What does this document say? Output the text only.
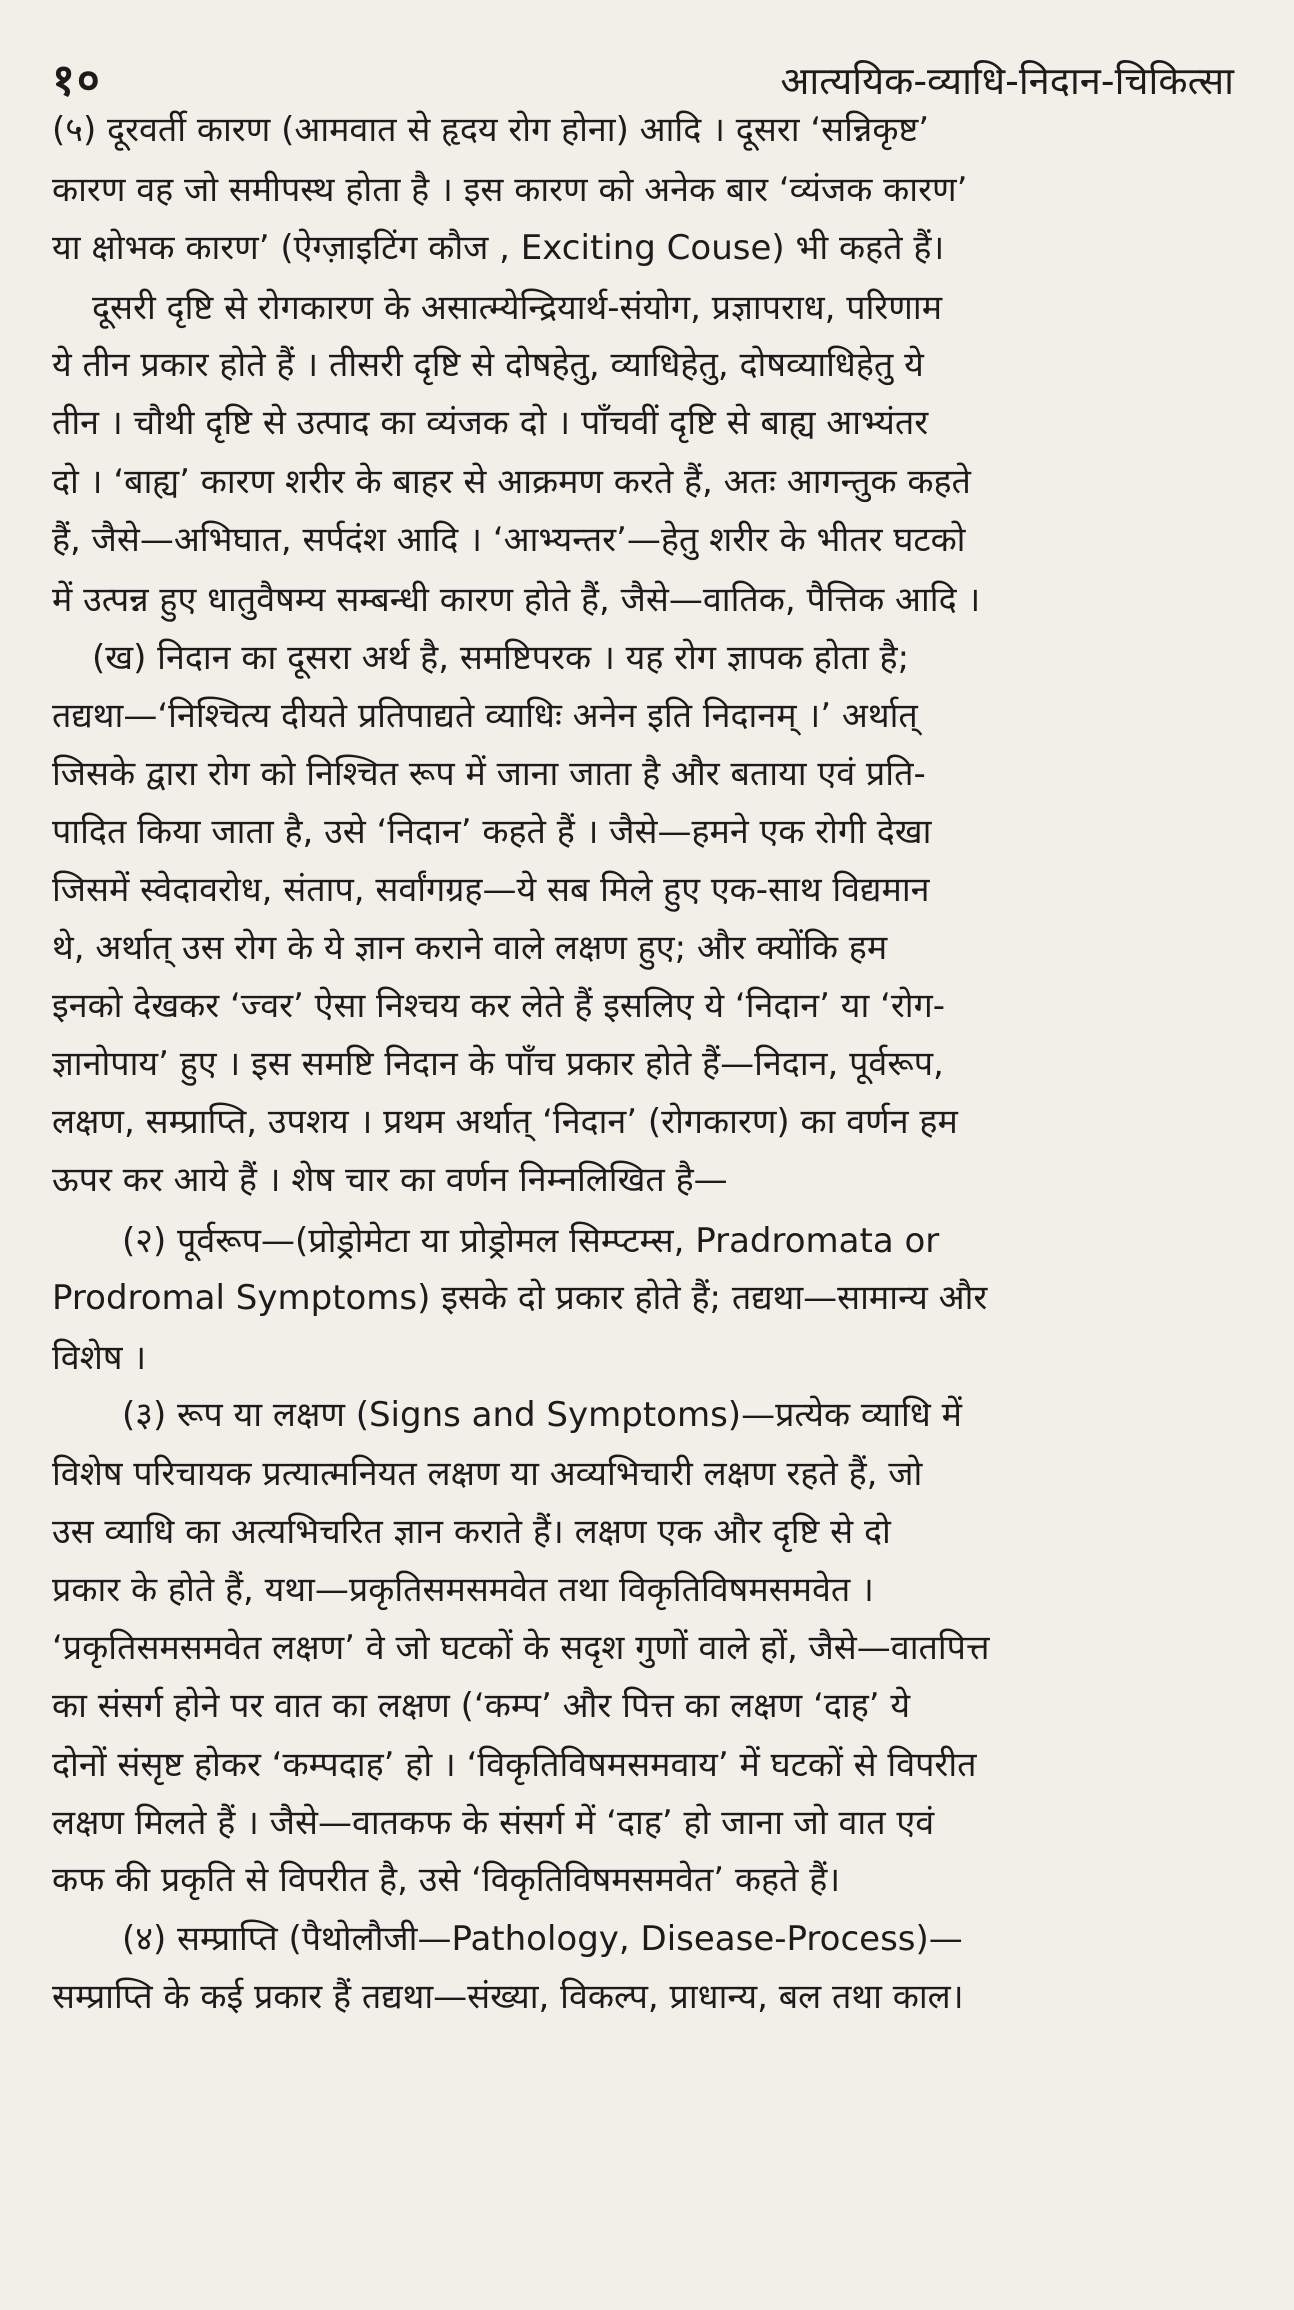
१०	आत्ययिक-व्याधि-निदान-चिकित्सा
(५) दूरवर्ती कारण (आमवात से हृदय रोग होना) आदि । दूसरा ‘सन्निकृष्ट’
कारण वह जो समीपस्थ होता है । इस कारण को अनेक बार ‘व्यंजक कारण’
या क्षोभक कारण’ (ऐग्ज़ाइटिंग कौज , Exciting Couse) भी कहते हैं।
दूसरी दृष्टि से रोगकारण के असात्म्येन्द्रियार्थ-संयोग, प्रज्ञापराध, परिणाम
ये तीन प्रकार होते हैं । तीसरी दृष्टि से दोषहेतु, व्याधिहेतु, दोषव्याधिहेतु ये
तीन । चौथी दृष्टि से उत्पाद का व्यंजक दो । पाँचवीं दृष्टि से बाह्य आभ्यंतर
दो । ‘बाह्य’ कारण शरीर के बाहर से आक्रमण करते हैं, अतः आगन्तुक कहते
हैं, जैसे—अभिघात, सर्पदंश आदि । ‘आभ्यन्तर’—हेतु शरीर के भीतर घटको
में उत्पन्न हुए धातुवैषम्य सम्बन्धी कारण होते हैं, जैसे—वातिक, पैत्तिक आदि ।
(ख) निदान का दूसरा अर्थ है, समष्टिपरक । यह रोग ज्ञापक होता है;
तद्यथा—‘निश्चित्य दीयते प्रतिपाद्यते व्याधिः अनेन इति निदानम् ।’ अर्थात्
जिसके द्वारा रोग को निश्चित रूप में जाना जाता है और बताया एवं प्रति-
पादित किया जाता है, उसे ‘निदान’ कहते हैं । जैसे—हमने एक रोगी देखा
जिसमें स्वेदावरोध, संताप, सर्वांगग्रह—ये सब मिले हुए एक-साथ विद्यमान
थे, अर्थात् उस रोग के ये ज्ञान कराने वाले लक्षण हुए; और क्योंकि हम
इनको देखकर ‘ज्वर’ ऐसा निश्चय कर लेते हैं इसलिए ये ‘निदान’ या ‘रोग-
ज्ञानोपाय’ हुए । इस समष्टि निदान के पाँच प्रकार होते हैं—निदान, पूर्वरूप,
लक्षण, सम्प्राप्ति, उपशय । प्रथम अर्थात् ‘निदान’ (रोगकारण) का वर्णन हम
ऊपर कर आये हैं । शेष चार का वर्णन निम्नलिखित है—
(२) पूर्वरूप—(प्रोड्रोमेटा या प्रोड्रोमल सिम्प्टम्स, Pradromata or
Prodromal Symptoms) इसके दो प्रकार होते हैं; तद्यथा—सामान्य और
विशेष ।
(३) रूप या लक्षण (Signs and Symptoms)—प्रत्येक व्याधि में
विशेष परिचायक प्रत्यात्मनियत लक्षण या अव्यभिचारी लक्षण रहते हैं, जो
उस व्याधि का अत्यभिचरित ज्ञान कराते हैं। लक्षण एक और दृष्टि से दो
प्रकार के होते हैं, यथा—प्रकृतिसमसमवेत तथा विकृतिविषमसमवेत ।
‘प्रकृतिसमसमवेत लक्षण’ वे जो घटकों के सदृश गुणों वाले हों, जैसे—वातपित्त
का संसर्ग होने पर वात का लक्षण (‘कम्प’ और पित्त का लक्षण ‘दाह’ ये
दोनों संसृष्ट होकर ‘कम्पदाह’ हो । ‘विकृतिविषमसमवाय’ में घटकों से विपरीत
लक्षण मिलते हैं । जैसे—वातकफ के संसर्ग में ‘दाह’ हो जाना जो वात एवं
कफ की प्रकृति से विपरीत है, उसे ‘विकृतिविषमसमवेत’ कहते हैं।
(४) सम्प्राप्ति (पैथोलौजी—Pathology, Disease-Process)—
सम्प्राप्ति के कई प्रकार हैं तद्यथा—संख्या, विकल्प, प्राधान्य, बल तथा काल।
